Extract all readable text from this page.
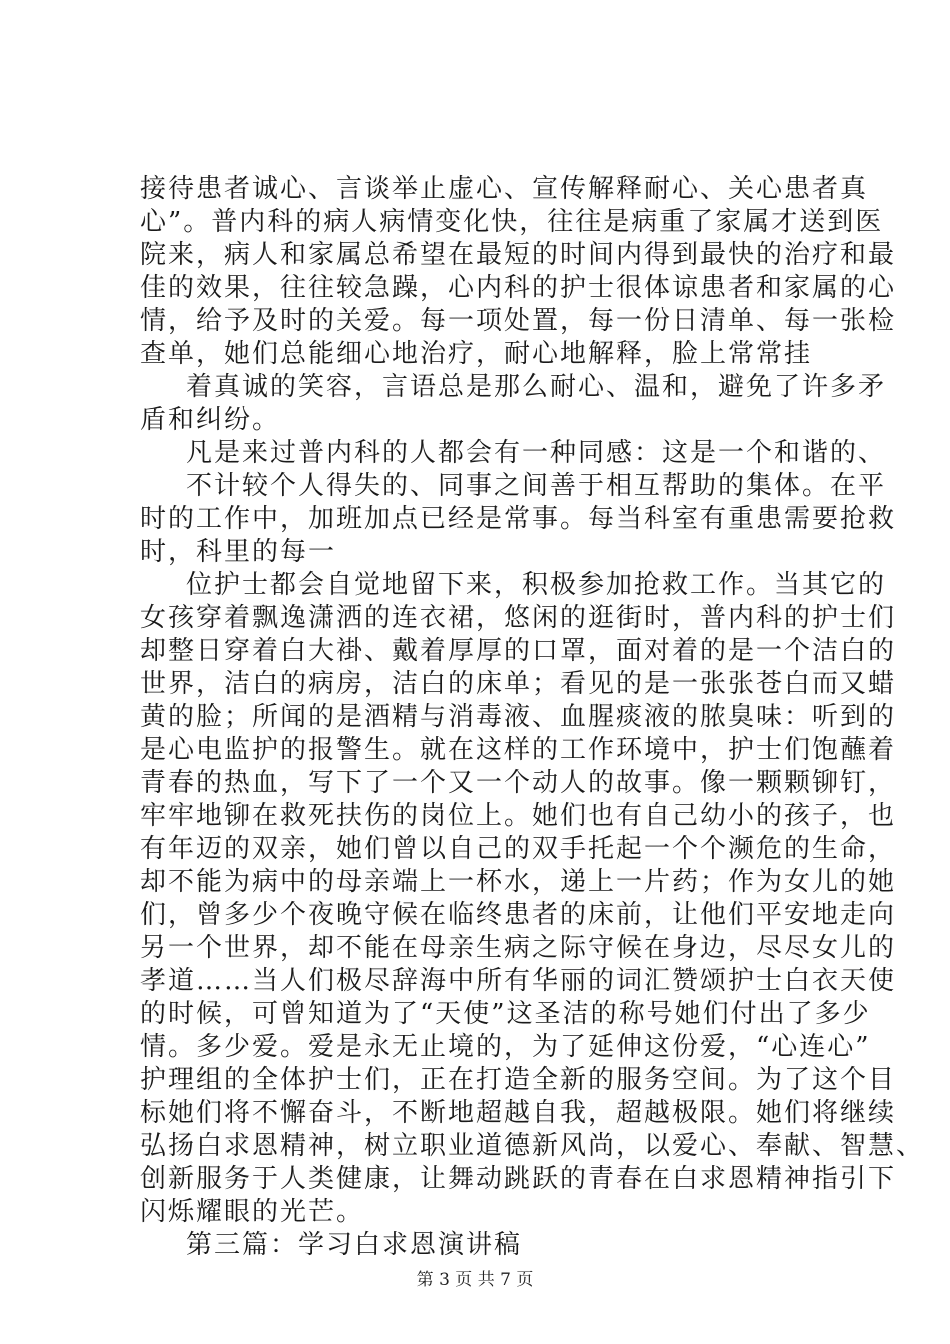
接待患者诚心、言谈举止虚心、宣传解释耐心、关心患者真
心”。普内科的病人病情变化快，往往是病重了家属才送到医
院来，病人和家属总希望在最短的时间内得到最快的治疗和最
佳的效果，往往较急躁，心内科的护士很体谅患者和家属的心
情，给予及时的关爱。每一项处置，每一份日清单、每一张检
查单，她们总能细心地治疗，耐心地解释，脸上常常挂
着真诚的笑容，言语总是那么耐心、温和，避免了许多矛
盾和纠纷。
凡是来过普内科的人都会有一种同感：这是一个和谐的、
不计较个人得失的、同事之间善于相互帮助的集体。在平
时的工作中，加班加点已经是常事。每当科室有重患需要抢救
时，科里的每一
位护士都会自觉地留下来，积极参加抢救工作。当其它的
女孩穿着飘逸潇洒的连衣裙，悠闲的逛街时，普内科的护士们
却整日穿着白大褂、戴着厚厚的口罩，面对着的是一个洁白的
世界，洁白的病房，洁白的床单；看见的是一张张苍白而又蜡
黄的脸；所闻的是酒精与消毒液、血腥痰液的脓臭味：听到的
是心电监护的报警生。就在这样的工作环境中，护士们饱蘸着
青春的热血，写下了一个又一个动人的故事。像一颗颗铆钉，
牢牢地铆在救死扶伤的岗位上。她们也有自己幼小的孩子，也
有年迈的双亲，她们曾以自己的双手托起一个个濒危的生命，
却不能为病中的母亲端上一杯水，递上一片药；作为女儿的她
们，曾多少个夜晚守候在临终患者的床前，让他们平安地走向
另一个世界，却不能在母亲生病之际守候在身边，尽尽女儿的
孝道……当人们极尽辞海中所有华丽的词汇赞颂护士白衣天使
的时候，可曾知道为了“天使”这圣洁的称号她们付出了多少
情。多少爱。爱是永无止境的，为了延伸这份爱，“心连心”
护理组的全体护士们，正在打造全新的服务空间。为了这个目
标她们将不懈奋斗，不断地超越自我，超越极限。她们将继续
弘扬白求恩精神，树立职业道德新风尚，以爱心、奉献、智慧、
创新服务于人类健康，让舞动跳跃的青春在白求恩精神指引下
闪烁耀眼的光芒。
第三篇：学习白求恩演讲稿
第 3 页 共 7 页
